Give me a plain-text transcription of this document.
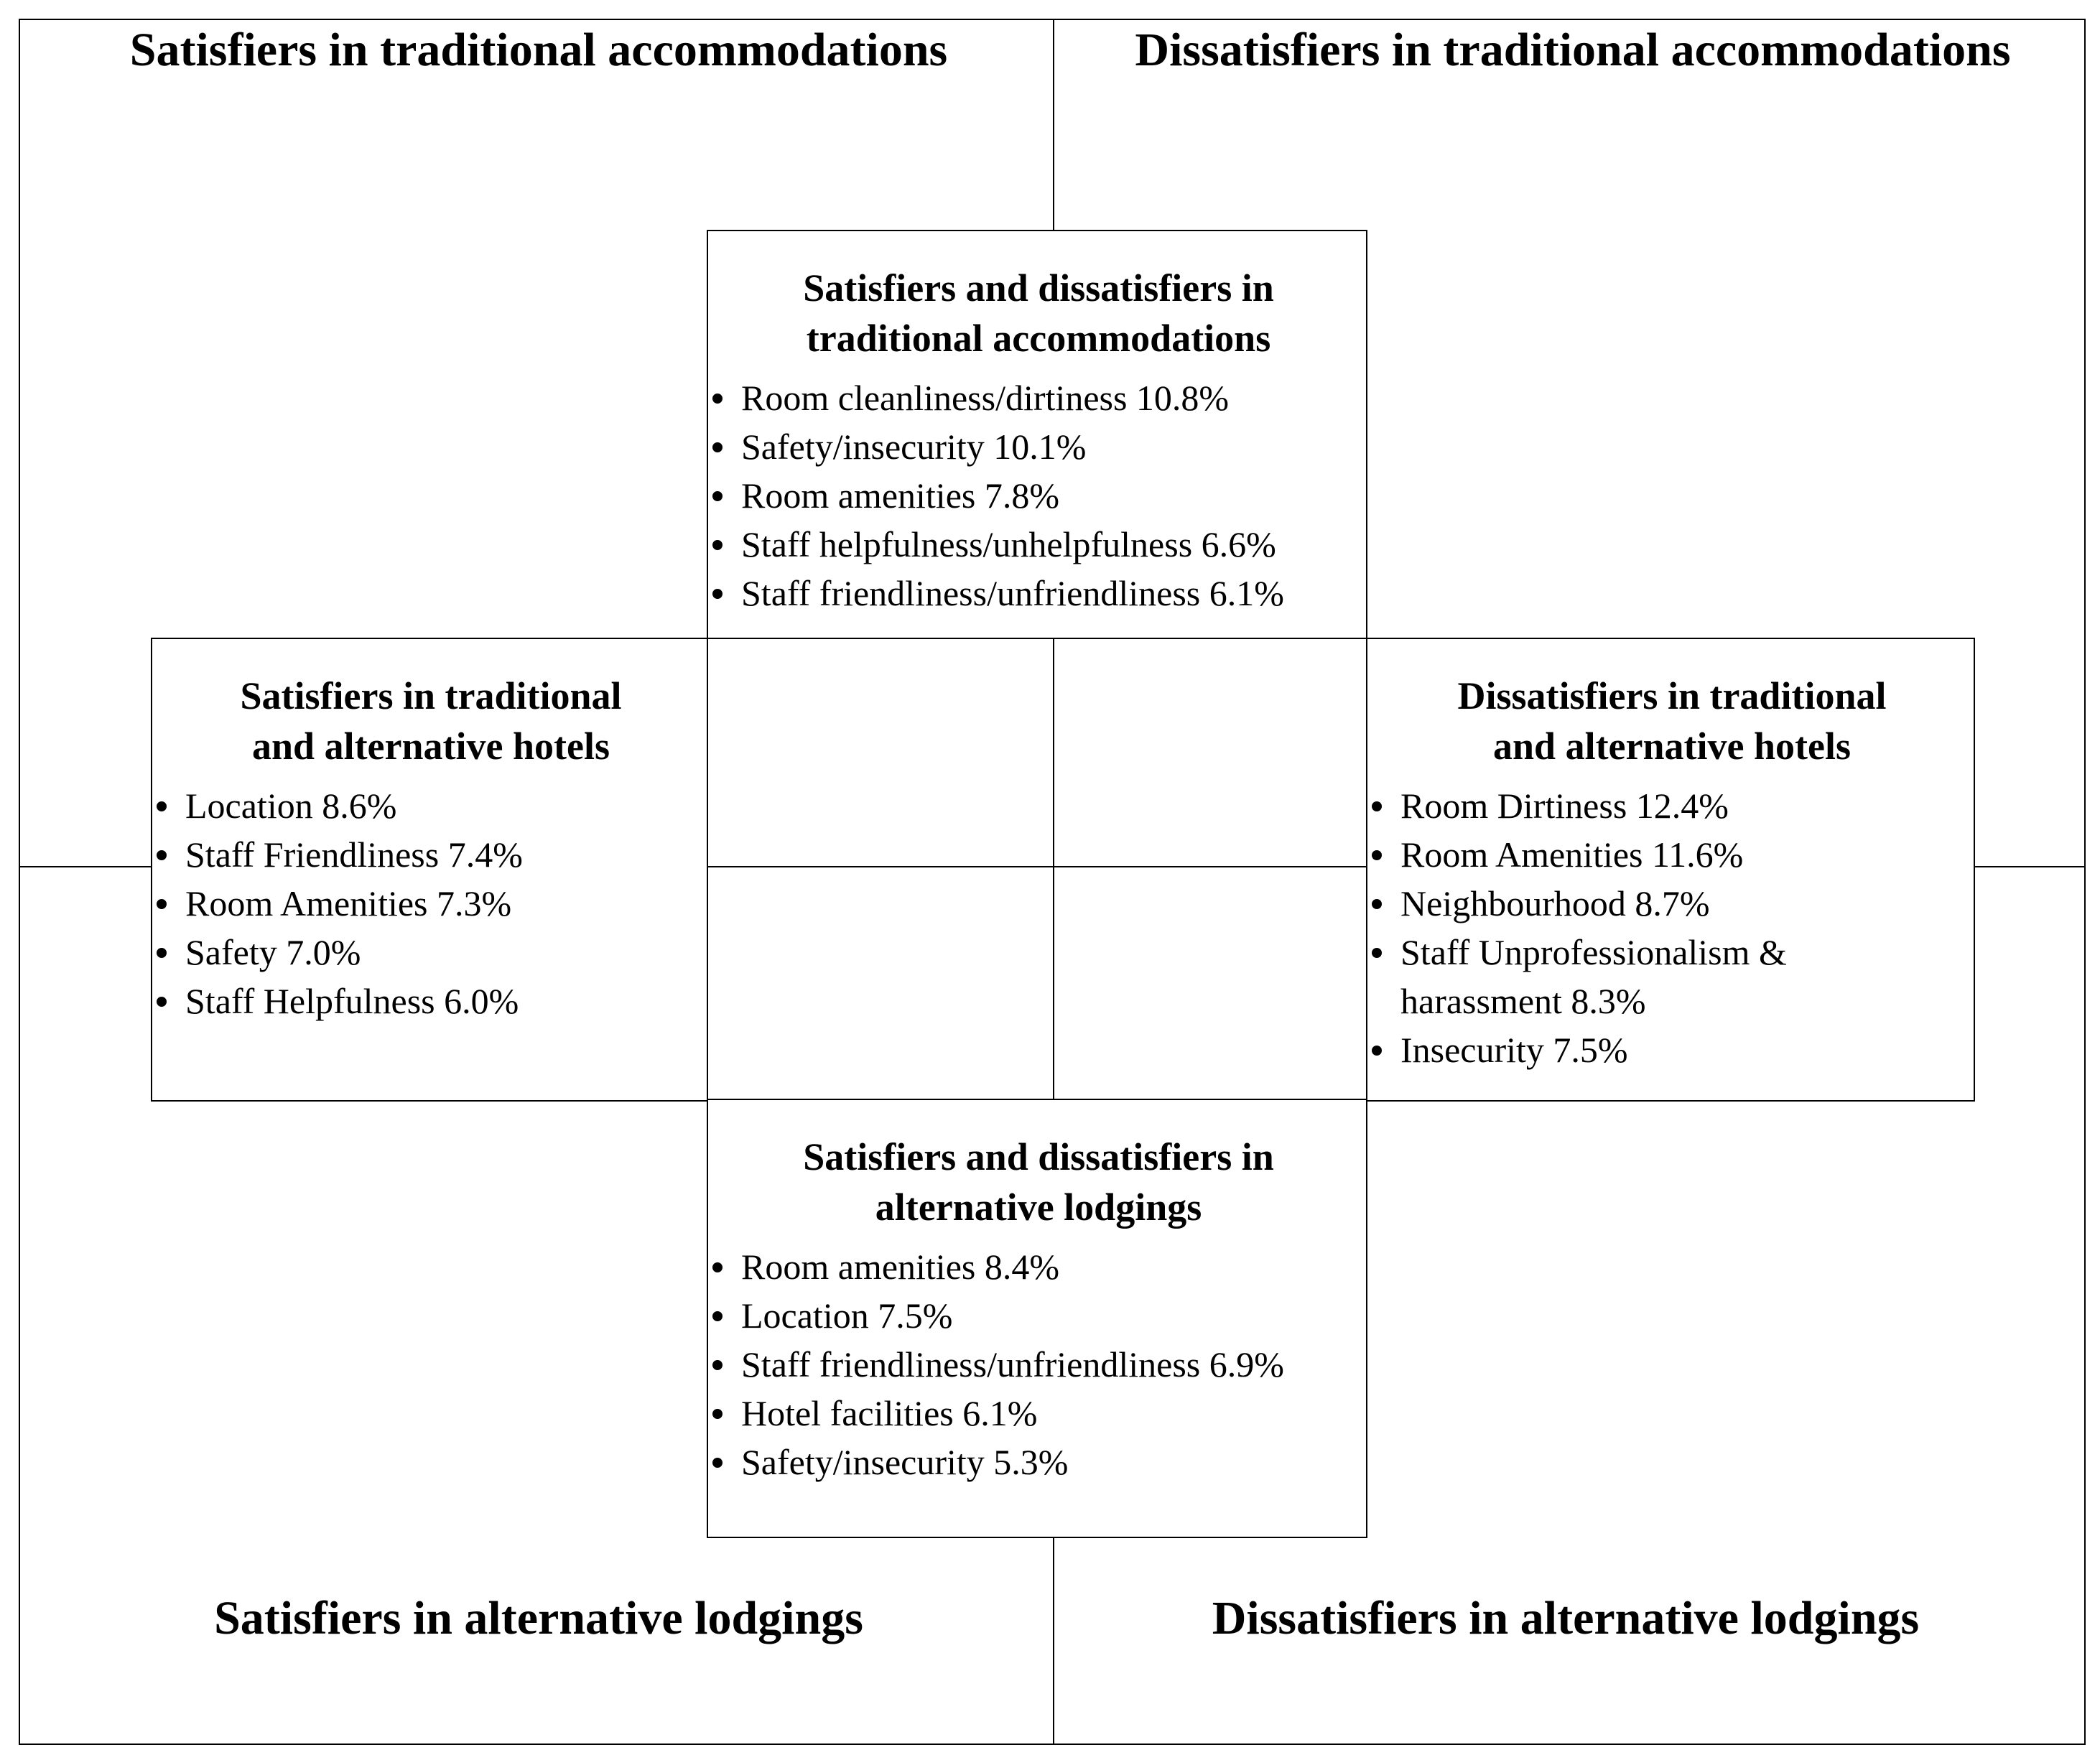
Satisfiers in traditional accommodations	Dissatisfiers in traditional accommodations
Satisfiers in alternative lodgings	Dissatisfiers in alternative lodgings
Satisfiers and dissatisfiers in traditional accommodations
Room cleanliness/dirtiness 10.8%
Safety/insecurity 10.1%
Room amenities 7.8%
Staff helpfulness/unhelpfulness 6.6%
Staff friendliness/unfriendliness 6.1%
Satisfiers in traditional and alternative hotels
Location 8.6%
Staff Friendliness 7.4%
Room Amenities 7.3%
Safety 7.0%
Staff Helpfulness 6.0%
Dissatisfiers in traditional and alternative hotels
Room Dirtiness 12.4%
Room Amenities 11.6%
Neighbourhood 8.7%
Staff Unprofessionalism & harassment 8.3%
Insecurity 7.5%
Satisfiers and dissatisfiers in alternative lodgings
Room amenities 8.4%
Location 7.5%
Staff friendliness/unfriendliness 6.9%
Hotel facilities 6.1%
Safety/insecurity 5.3%
